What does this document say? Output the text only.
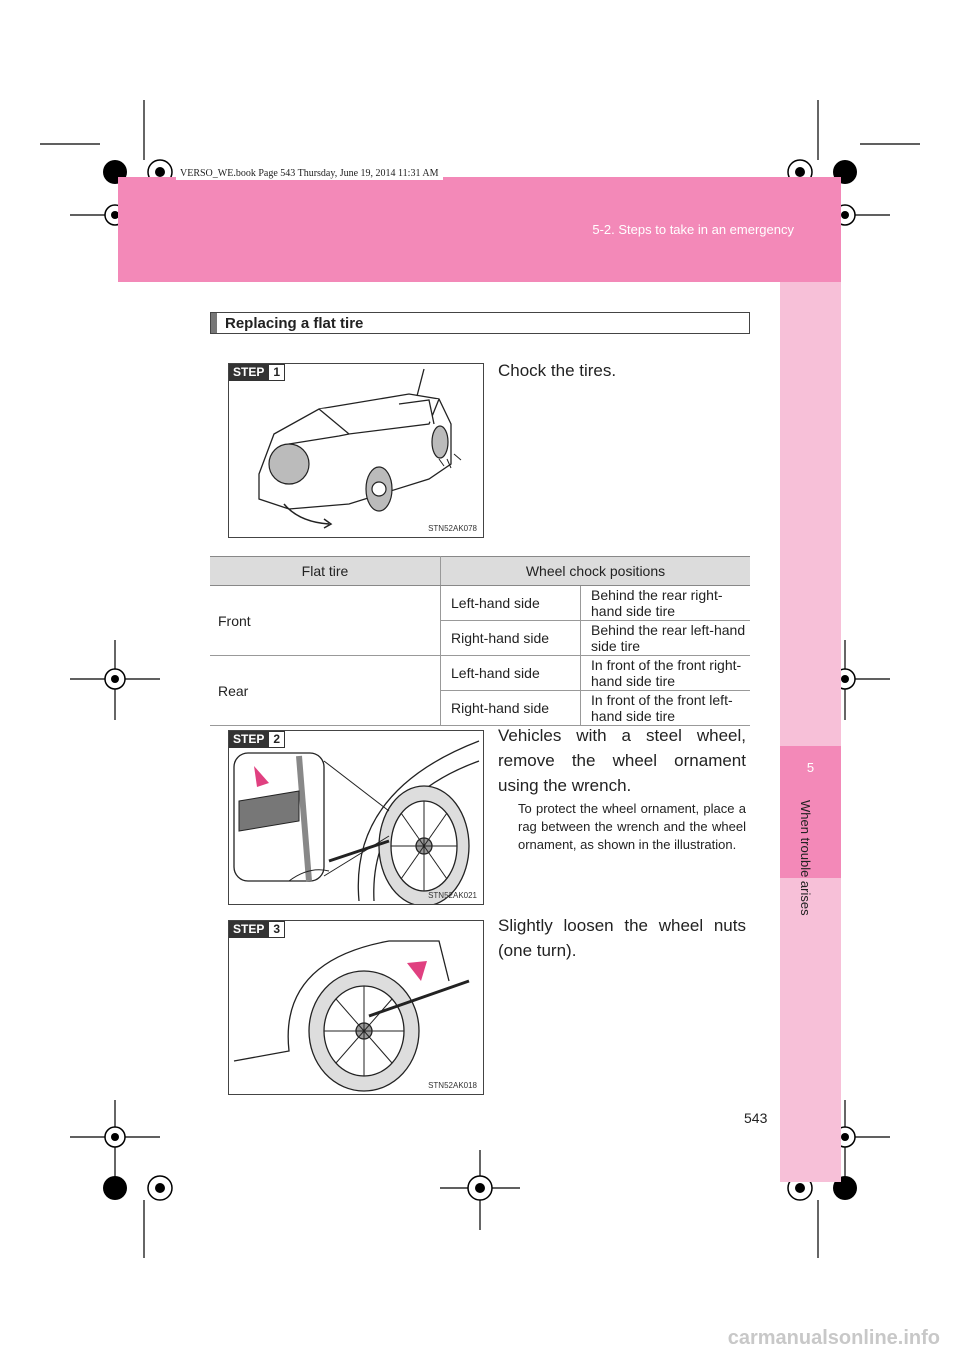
5-2. Steps to take in an emergency
VERSO_WE.book Page 543 Thursday, June 19, 2014 11:31 AM
5
When trouble arises
Replacing a flat tire
STEP 1
STN52AK078
Chock the tires.
Flat tire	Wheel chock positions	
Front	Left-hand side	Behind the rear right-hand side tire
	Right-hand side	Behind the rear left-hand side tire
Rear	Left-hand side	In front of the front right-hand side tire
	Right-hand side	In front of the front left-hand side tire
STEP 2
STN52AK021
Vehicles with a steel wheel, remove the wheel ornament using the wrench.
To protect the wheel ornament, place a rag between the wrench and the wheel ornament, as shown in the illustration.
STEP 3
STN52AK018
Slightly loosen the wheel nuts (one turn).
543
carmanualsonline.info
